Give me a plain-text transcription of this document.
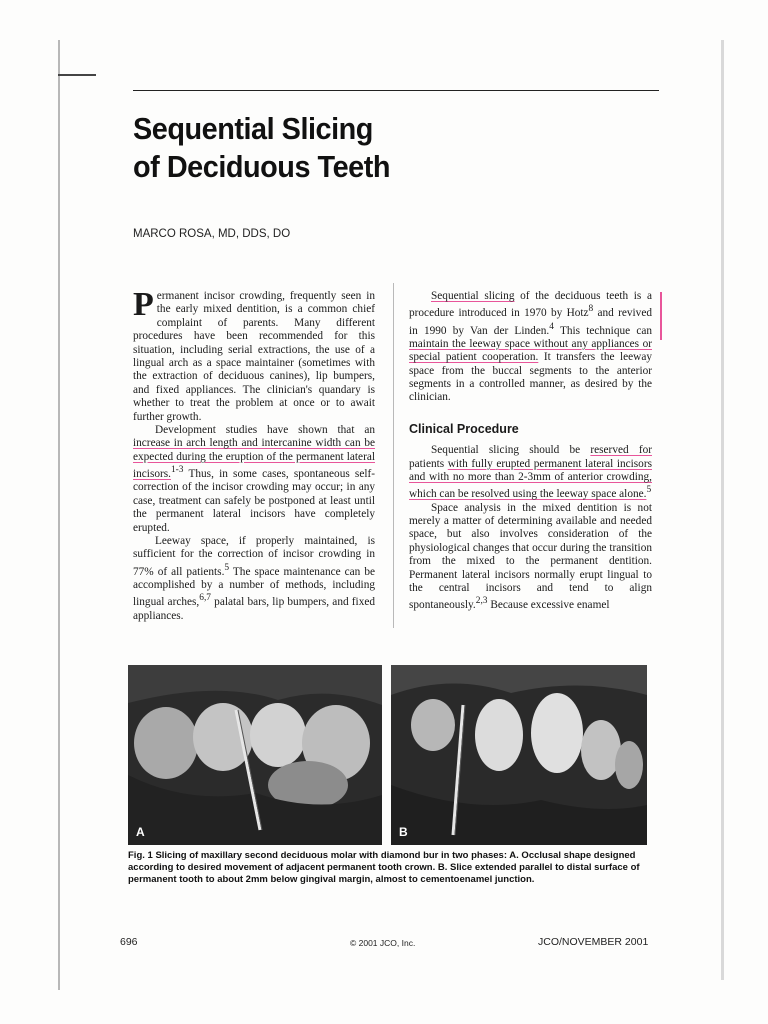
Sequential Slicing
of Deciduous Teeth
MARCO ROSA, MD, DDS, DO

Permanent incisor crowding, frequently seen in the early mixed dentition, is a common chief complaint of parents. Many different procedures have been recommended for this situation, including serial extractions, the use of a lingual arch as a space maintainer (sometimes with the extraction of deciduous canines), lip bumpers, and fixed appliances. The clinician's quandary is whether to treat the problem at once or to await further growth.

Development studies have shown that an increase in arch length and intercanine width can be expected during the eruption of the permanent lateral incisors.$^{1-3}$ Thus, in some cases, spontaneous self-correction of the incisor crowding may occur; in any case, treatment can safely be postponed at least until the permanent lateral incisors have completely erupted.

Leeway space, if properly maintained, is sufficient for the correction of incisor crowding in 77% of all patients.$^5$ The space maintenance can be accomplished by a number of methods, including lingual arches,$^{6,7}$ palatal bars, lip bumpers, and fixed appliances.

Sequential slicing of the deciduous teeth is a procedure introduced in 1970 by Hotz$^8$ and revived in 1990 by Van der Linden.$^4$ This technique can maintain the leeway space without any appliances or special patient cooperation. It transfers the leeway space from the buccal segments to the anterior segments in a controlled manner, as desired by the clinician.

Clinical Procedure

Sequential slicing should be reserved for patients with fully erupted permanent lateral incisors and with no more than 2-3mm of anterior crowding, which can be resolved using the leeway space alone.$^5$

Space analysis in the mixed dentition is not merely a matter of determining available and needed space, but also involves consideration of the physiological changes that occur during the transition from the mixed to the permanent dentition. Permanent lateral incisors normally erupt lingual to the central incisors and tend to align spontaneously.$^{2,3}$ Because excessive enamel

A	B
Fig. 1 Slicing of maxillary second deciduous molar with diamond bur in two phases: A. Occlusal shape designed according to desired movement of adjacent permanent tooth crown. B. Slice extended parallel to distal surface of permanent tooth to about 2mm below gingival margin, almost to cementoenamel junction.
696	© 2001 JCO, Inc.	JCO/NOVEMBER 2001
